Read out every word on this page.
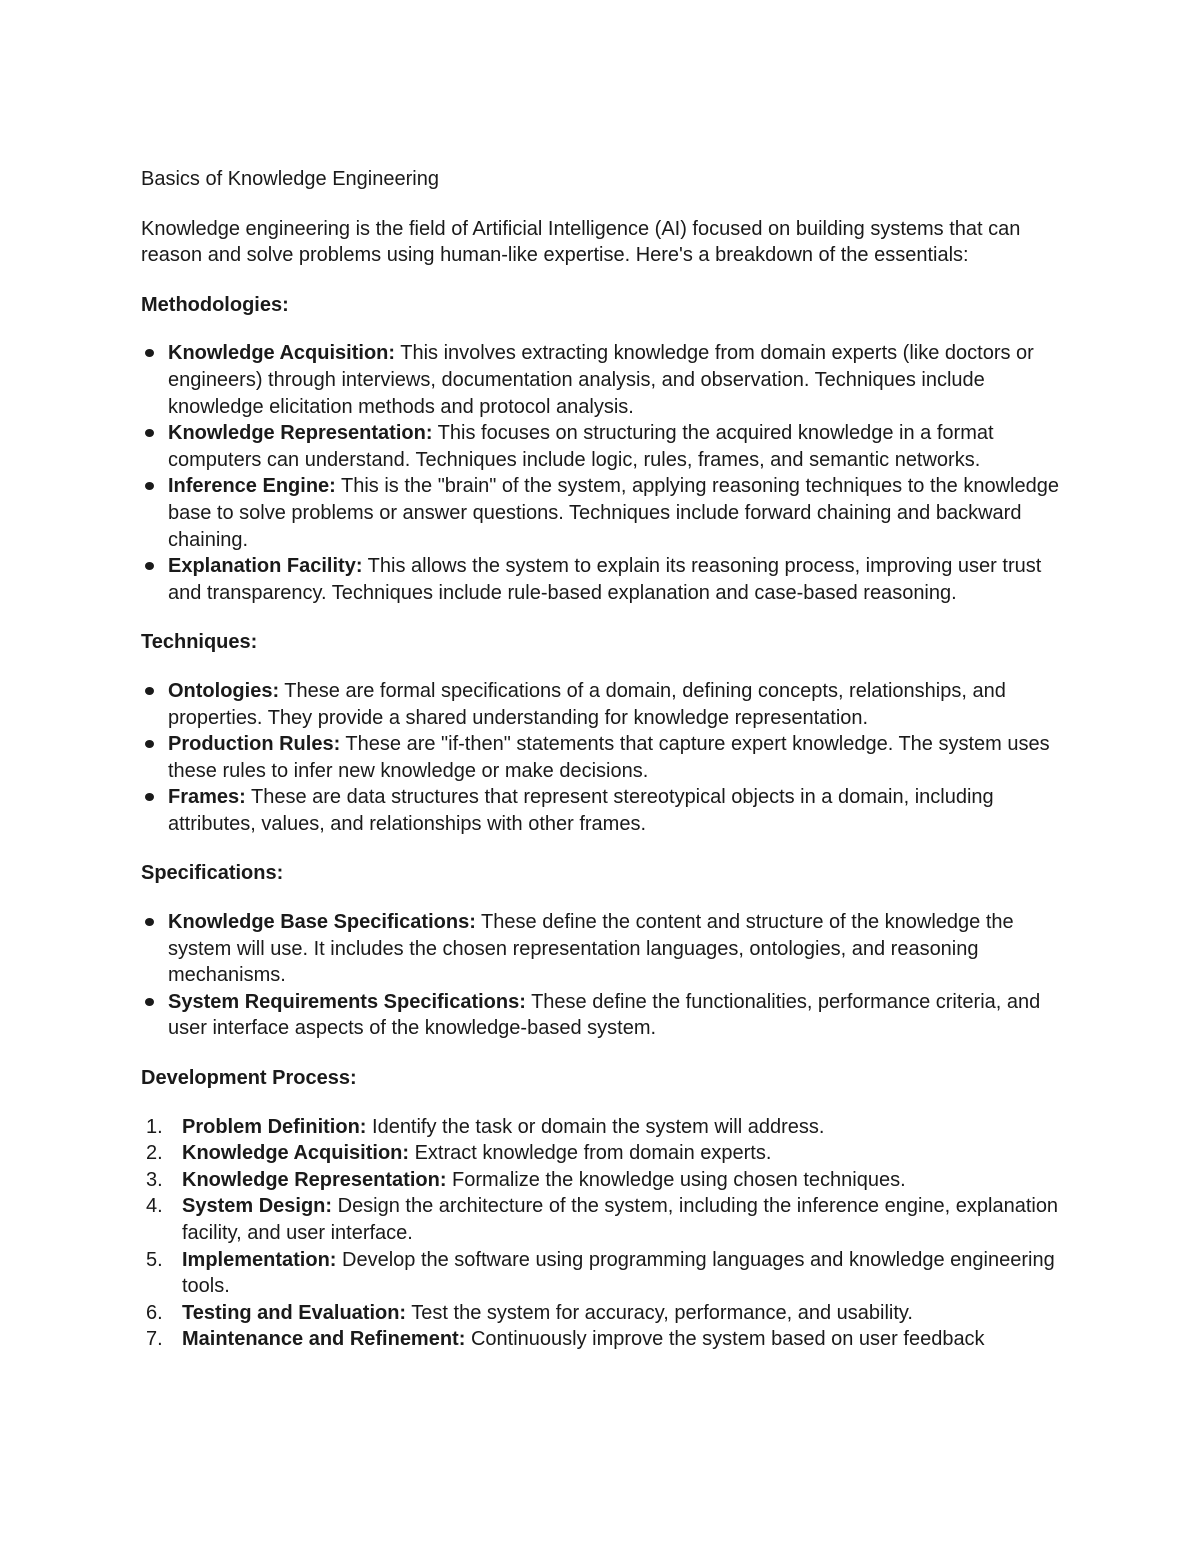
Basics of Knowledge Engineering

Knowledge engineering is the field of Artificial Intelligence (AI) focused on building systems that can reason and solve problems using human-like expertise. Here's a breakdown of the essentials:

Methodologies:
Knowledge Acquisition: This involves extracting knowledge from domain experts (like doctors or engineers) through interviews, documentation analysis, and observation. Techniques include knowledge elicitation methods and protocol analysis.
Knowledge Representation: This focuses on structuring the acquired knowledge in a format computers can understand. Techniques include logic, rules, frames, and semantic networks.
Inference Engine: This is the "brain" of the system, applying reasoning techniques to the knowledge base to solve problems or answer questions. Techniques include forward chaining and backward chaining.
Explanation Facility: This allows the system to explain its reasoning process, improving user trust and transparency. Techniques include rule-based explanation and case-based reasoning.
Techniques:
Ontologies: These are formal specifications of a domain, defining concepts, relationships, and properties. They provide a shared understanding for knowledge representation.
Production Rules: These are "if-then" statements that capture expert knowledge. The system uses these rules to infer new knowledge or make decisions.
Frames: These are data structures that represent stereotypical objects in a domain, including attributes, values, and relationships with other frames.
Specifications:
Knowledge Base Specifications: These define the content and structure of the knowledge the system will use. It includes the chosen representation languages, ontologies, and reasoning mechanisms.
System Requirements Specifications: These define the functionalities, performance criteria, and user interface aspects of the knowledge-based system.
Development Process:
1. Problem Definition: Identify the task or domain the system will address.
2. Knowledge Acquisition: Extract knowledge from domain experts.
3. Knowledge Representation: Formalize the knowledge using chosen techniques.
4. System Design: Design the architecture of the system, including the inference engine, explanation facility, and user interface.
5. Implementation: Develop the software using programming languages and knowledge engineering tools.
6. Testing and Evaluation: Test the system for accuracy, performance, and usability.
7. Maintenance and Refinement: Continuously improve the system based on user feedback
